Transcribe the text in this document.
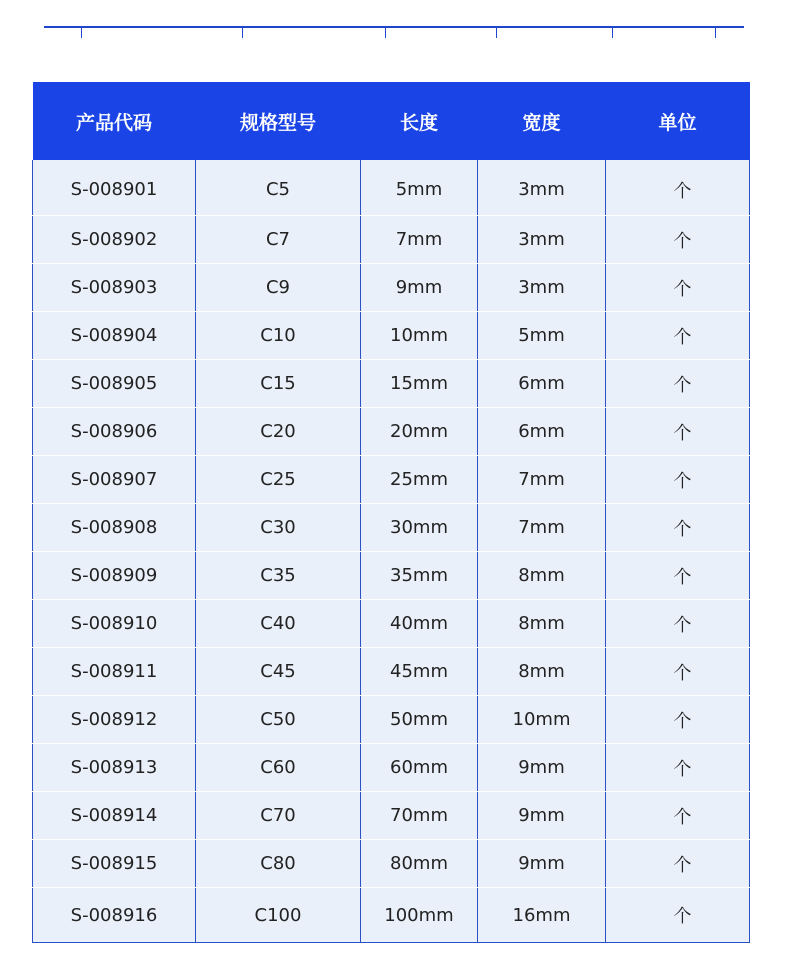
产品代码	规格型号	长度	宽度	单位
S-008901	C5	5mm	3mm	个
S-008902	C7	7mm	3mm	个
S-008903	C9	9mm	3mm	个
S-008904	C10	10mm	5mm	个
S-008905	C15	15mm	6mm	个
S-008906	C20	20mm	6mm	个
S-008907	C25	25mm	7mm	个
S-008908	C30	30mm	7mm	个
S-008909	C35	35mm	8mm	个
S-008910	C40	40mm	8mm	个
S-008911	C45	45mm	8mm	个
S-008912	C50	50mm	10mm	个
S-008913	C60	60mm	9mm	个
S-008914	C70	70mm	9mm	个
S-008915	C80	80mm	9mm	个
S-008916	C100	100mm	16mm	个
